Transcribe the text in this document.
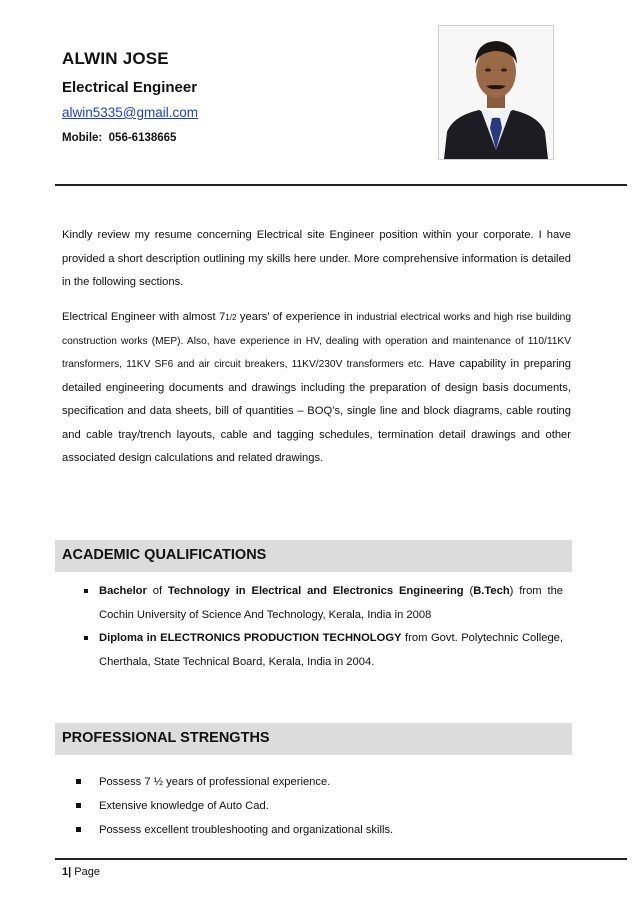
ALWIN JOSE
Electrical Engineer
alwin5335@gmail.com
Mobile:  056-6138665

Kindly review my resume concerning Electrical site Engineer position within your corporate. I have provided a short description outlining my skills here under. More comprehensive information is detailed in the following sections.

Electrical Engineer with almost 71/2 years’ of experience in industrial electrical works and high rise building construction works (MEP). Also, have experience in HV, dealing with operation and maintenance of 110/11KV transformers, 11KV SF6 and air circuit breakers, 11KV/230V transformers etc. Have capability in preparing detailed engineering documents and drawings including the preparation of design basis documents, specification and data sheets, bill of quantities – BOQ’s, single line and block diagrams, cable routing and cable tray/trench layouts, cable and tagging schedules, termination detail drawings and other associated design calculations and related drawings.

ACADEMIC QUALIFICATIONS
Bachelor of Technology in Electrical and Electronics Engineering (B.Tech) from the Cochin University of Science And Technology, Kerala, India in 2008
Diploma in ELECTRONICS PRODUCTION TECHNOLOGY from Govt. Polytechnic College, Cherthala, State Technical Board, Kerala, India in 2004.
PROFESSIONAL STRENGTHS
Possess 7 ½ years of professional experience.
Extensive knowledge of Auto Cad.
Possess excellent troubleshooting and organizational skills.
1| Page
